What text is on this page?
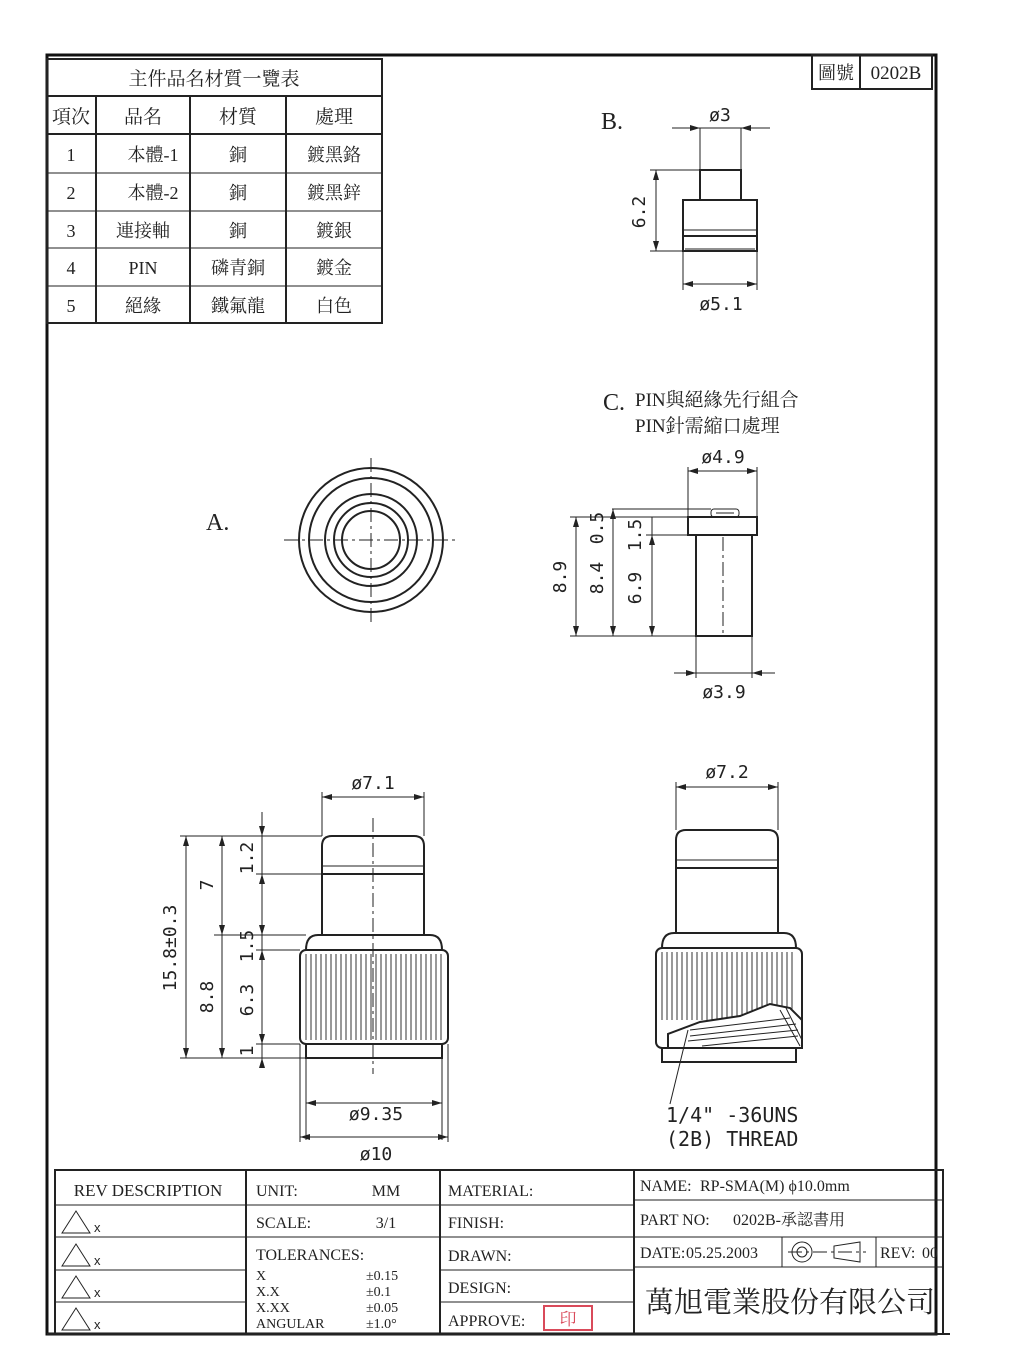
主件品名材質一覽表
項次 品名	材質	處理
1	本體-1	銅	鍍黑鉻
2	本體-2	銅	鍍黑鋅
3 連接軸	銅	鍍銀
4	PIN	磷青銅	鍍金
5	絕緣	鐵氟龍	白色
圖號 0202B
B.	ø3
6.2
ø5.1
C. PIN與絕緣先行組合
PIN針需縮口處理
ø4.9
8.9 8.4
0.5 1.5
6.9
ø3.9
A.
ø7.1
15.8±0.3
7
8.8
1.2
1.5
6.3
1
ø9.35
ø10
ø7.2
1/4" -36UNS
(2B) THREAD
REV DESCRIPTION
x
x
x
x
UNIT:	MM
SCALE:	3/1
TOLERANCES:
X	±0.15
X.X	±0.1
X.XX	±0.05
ANGULAR	±1.0°
MATERIAL:
FINISH:
DRAWN:
DESIGN:
APPROVE: 印
NAME: RP-SMA(M) ϕ10.0mm
PART NO: 0202B-承認書用
DATE: 05.25.2003	REV: 00
萬旭電業股份有限公司
